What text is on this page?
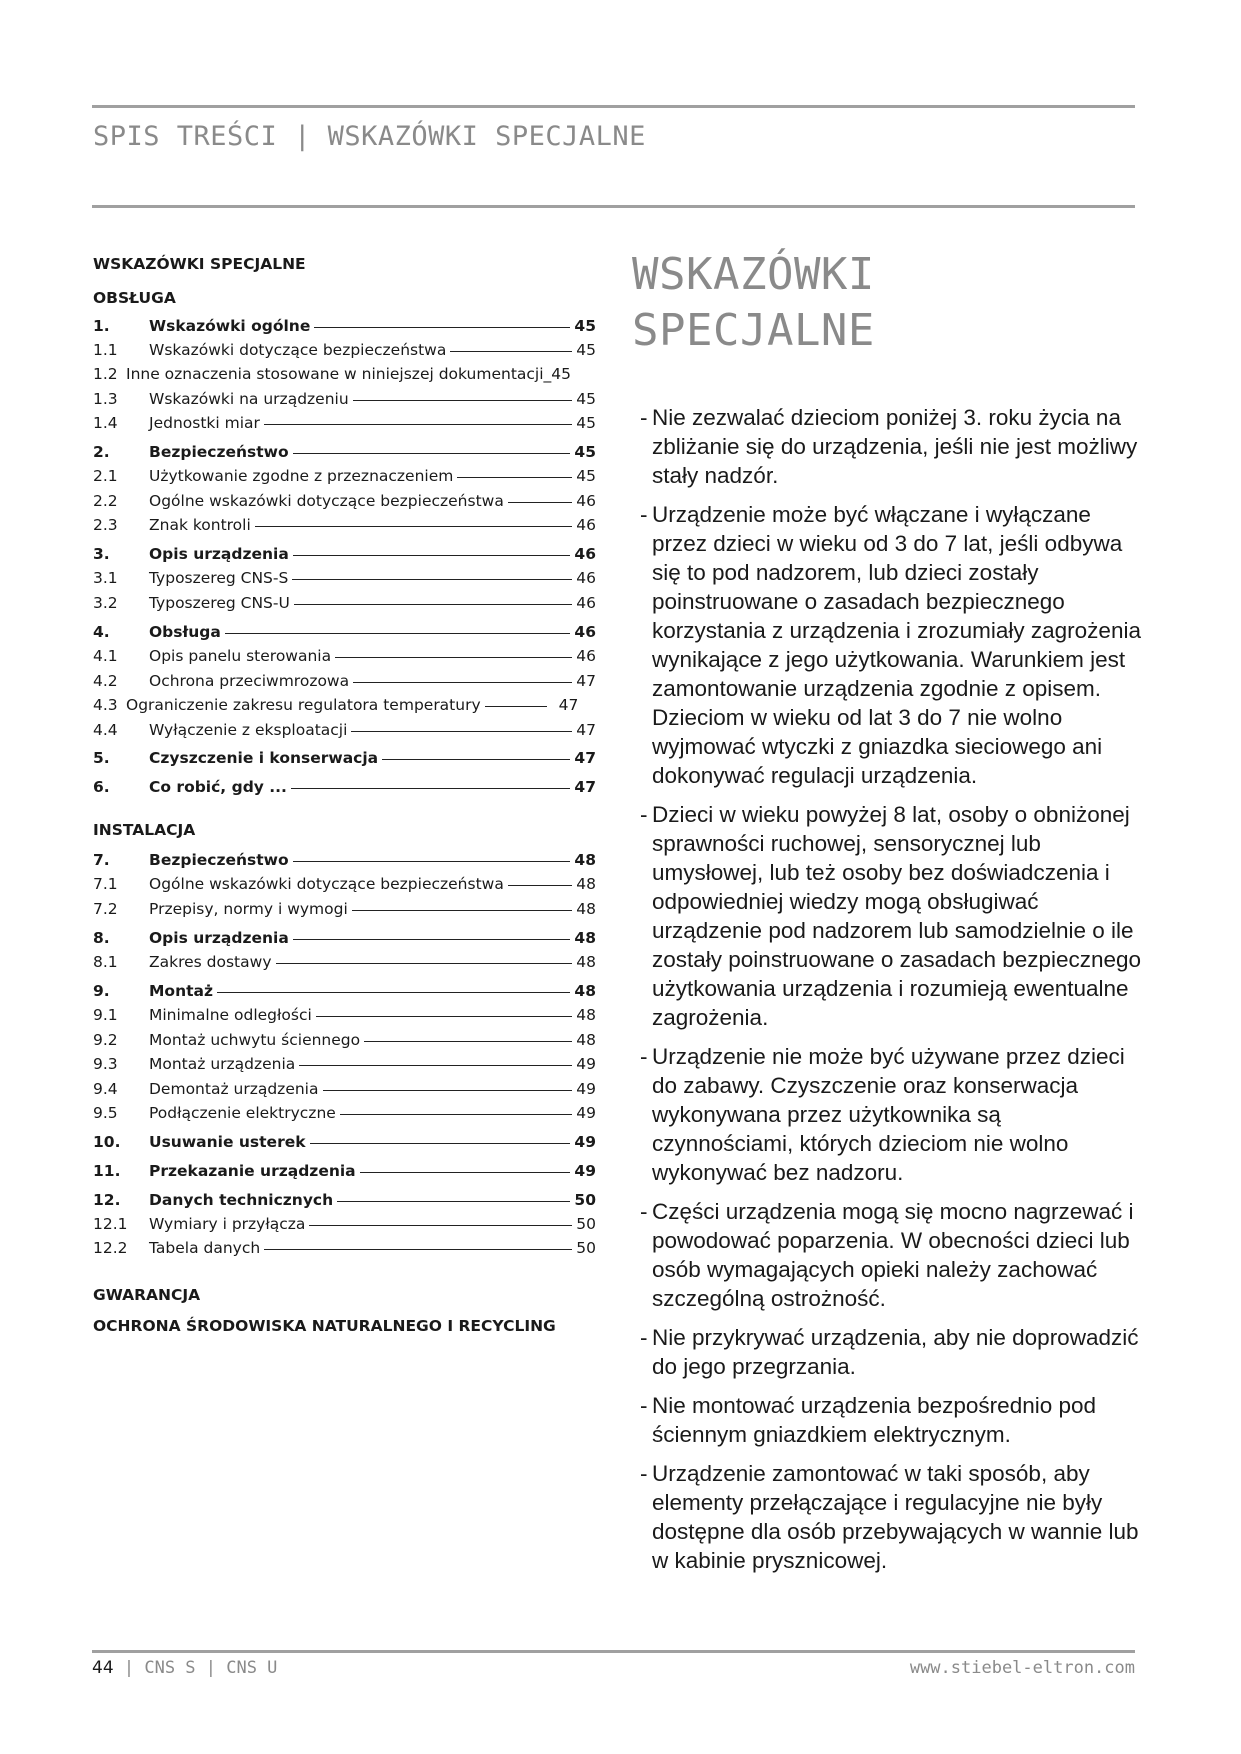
SPIS TREŚCI | WSKAZÓWKI SPECJALNE
WSKAZÓWKI SPECJALNE
OBSŁUGA
INSTALACJA
GWARANCJA
OCHRONA ŚRODOWISKA NATURALNEGO I RECYCLING
1.	Wskazówki ogólne	45
1.1 Wskazówki dotyczące bezpieczeństwa	45
1.2 Inne oznaczenia stosowane w niniejszej dokumentacji_45
1.3 Wskazówki na urządzeniu	45
1.4 Jednostki miar	45
2.	Bezpieczeństwo	45
2.1 Użytkowanie zgodne z przeznaczeniem	45
2.2 Ogólne wskazówki dotyczące bezpieczeństwa	46
2.3 Znak kontroli	46
3.	Opis urządzenia	46
3.1 Typoszereg CNS-S	46
3.2 Typoszereg CNS-U	46
4.	Obsługa	46
4.1 Opis panelu sterowania	46
4.2 Ochrona przeciwmrozowa	47
4.3 Ograniczenie zakresu regulatora temperatury	47
4.4 Wyłączenie z eksploatacji	47
5.	Czyszczenie i konserwacja	47
6.	Co robić, gdy ...	47
7.	Bezpieczeństwo	48
7.1 Ogólne wskazówki dotyczące bezpieczeństwa	48
7.2 Przepisy, normy i wymogi	48
8.	Opis urządzenia	48
8.1 Zakres dostawy	48
9.	Montaż	48
9.1 Minimalne odległości	48
9.2 Montaż uchwytu ściennego	48
9.3 Montaż urządzenia	49
9.4 Demontaż urządzenia	49
9.5 Podłączenie elektryczne	49
10. Usuwanie usterek	49
11. Przekazanie urządzenia	49
12. Danych technicznych	50
12.1 Wymiary i przyłącza	50
12.2 Tabela danych	50
WSKAZÓWKI
SPECJALNE
- Nie zezwalać dzieciom poniżej 3. roku życia na zbliżanie się do urządzenia, jeśli nie jest możliwy stały nadzór.
- Urządzenie może być włączane i wyłączane przez dzieci w wieku od 3 do 7 lat, jeśli odbywa się to pod nadzorem, lub dzieci zostały poinstruowane o zasadach bezpiecznego korzystania z urządzenia i zrozumiały zagrożenia wynikające z jego użytkowania. Warunkiem jest zamontowanie urządzenia zgodnie z opisem. Dzieciom w wieku od lat 3 do 7 nie wolno wyjmować wtyczki z gniazdka sieciowego ani dokonywać regulacji urządzenia.
- Dzieci w wieku powyżej 8 lat, osoby o obniżonej sprawności ruchowej, sensorycznej lub umysłowej, lub też osoby bez doświadczenia i odpowiedniej wiedzy mogą obsługiwać urządzenie pod nadzorem lub samodzielnie o ile zostały poinstruowane o zasadach bezpiecznego użytkowania urządzenia i rozumieją ewentualne zagrożenia.
- Urządzenie nie może być używane przez dzieci do zabawy. Czyszczenie oraz konserwacja wykonywana przez użytkownika są czynnościami, których dzieciom nie wolno wykonywać bez nadzoru.
- Części urządzenia mogą się mocno nagrzewać i powodować poparzenia. W obecności dzieci lub osób wymagających opieki należy zachować szczególną ostrożność.
- Nie przykrywać urządzenia, aby nie doprowadzić do jego przegrzania.
- Nie montować urządzenia bezpośrednio pod ściennym gniazdkiem elektrycznym.
- Urządzenie zamontować w taki sposób, aby elementy przełączające i regulacyjne nie były dostępne dla osób przebywających w wannie lub w kabinie prysznicowej.
44 | CNS S | CNS U	www.stiebel-eltron.com
